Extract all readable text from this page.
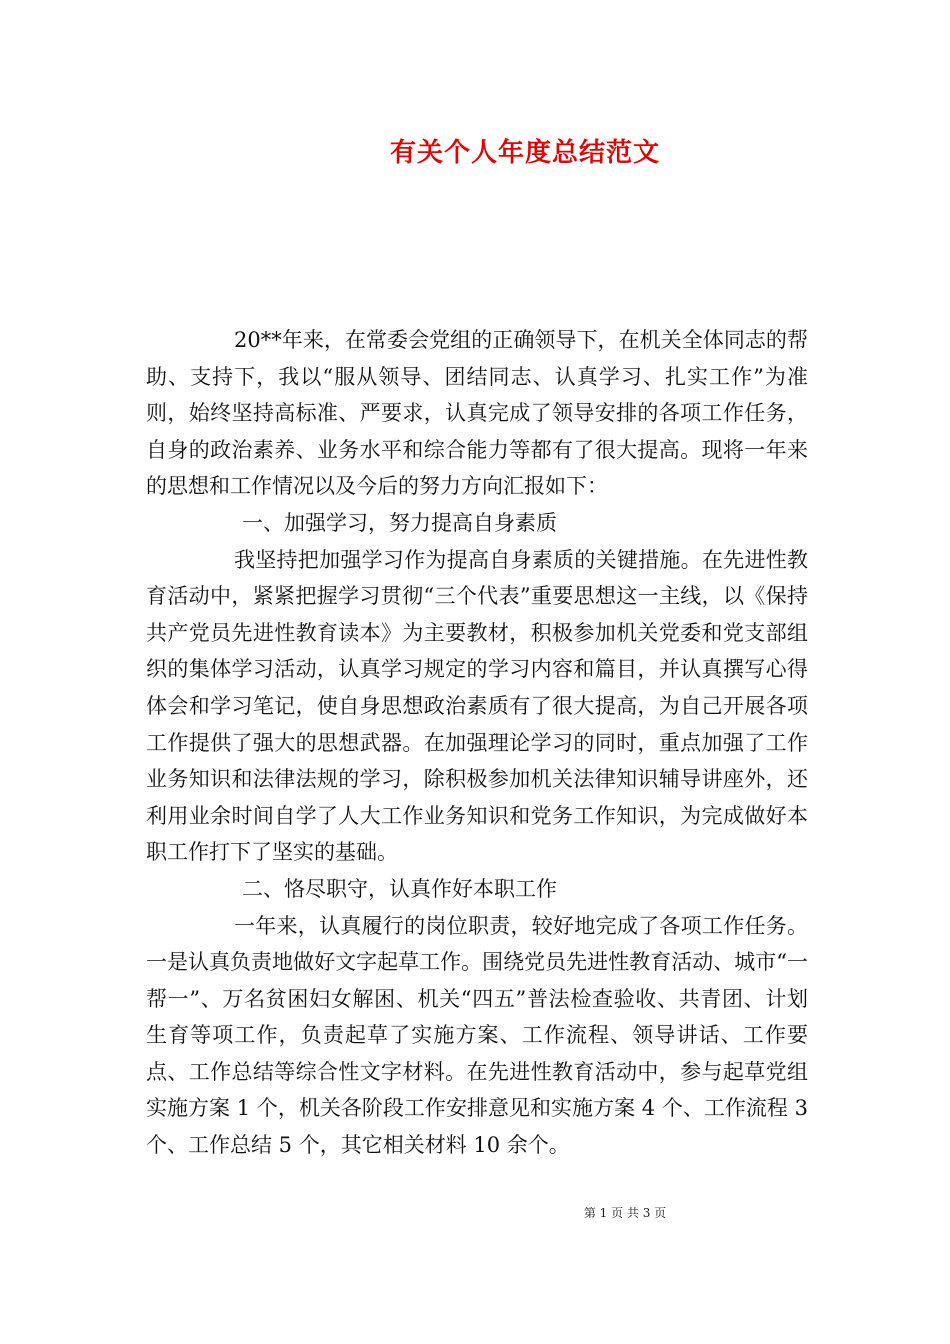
有关个人年度总结范文

20**年来，在常委会党组的正确领导下，在机关全体同志的帮助、支持下，我以“服从领导、团结同志、认真学习、扎实工作”为准则，始终坚持高标准、严要求，认真完成了领导安排的各项工作任务，自身的政治素养、业务水平和综合能力等都有了很大提高。现将一年来的思想和工作情况以及今后的努力方向汇报如下：

一、加强学习，努力提高自身素质

我坚持把加强学习作为提高自身素质的关键措施。在先进性教育活动中，紧紧把握学习贯彻“三个代表”重要思想这一主线，以《保持共产党员先进性教育读本》为主要教材，积极参加机关党委和党支部组织的集体学习活动，认真学习规定的学习内容和篇目，并认真撰写心得体会和学习笔记，使自身思想政治素质有了很大提高，为自己开展各项工作提供了强大的思想武器。在加强理论学习的同时，重点加强了工作业务知识和法律法规的学习，除积极参加机关法律知识辅导讲座外，还利用业余时间自学了人大工作业务知识和党务工作知识，为完成做好本职工作打下了坚实的基础。

二、恪尽职守，认真作好本职工作

一年来，认真履行的岗位职责，较好地完成了各项工作任务。一是认真负责地做好文字起草工作。围绕党员先进性教育活动、城市“一帮一”、万名贫困妇女解困、机关“四五”普法检查验收、共青团、计划生育等项工作，负责起草了实施方案、工作流程、领导讲话、工作要点、工作总结等综合性文字材料。在先进性教育活动中，参与起草党组实施方案 1 个，机关各阶段工作安排意见和实施方案 4 个、工作流程 3 个、工作总结 5 个，其它相关材料 10 余个。

第 1 页 共 3 页
